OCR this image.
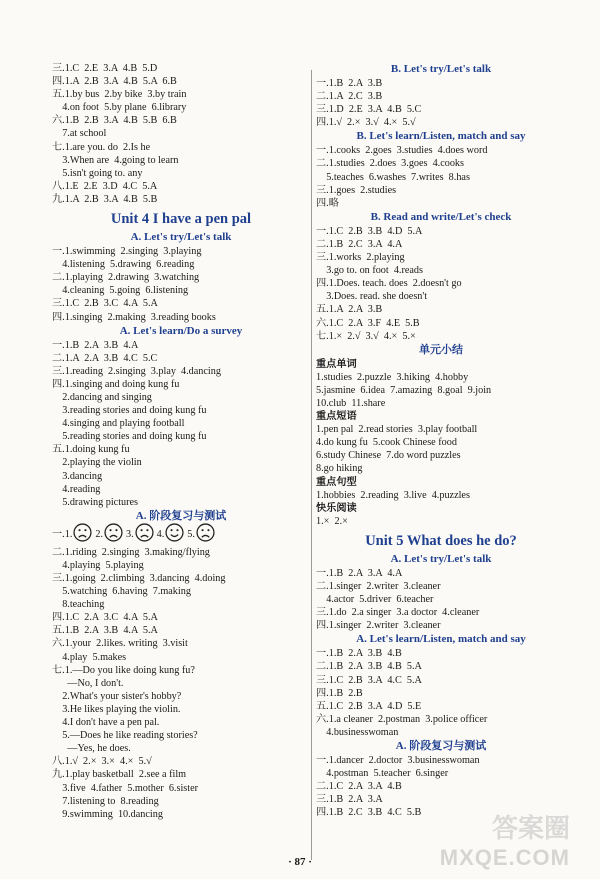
三.1.C  2.E  3.A  4.B  5.D
四.1.A  2.B  3.A  4.B  5.A  6.B
五.1.by bus  2.by bike  3.by train
4.on foot  5.by plane  6.library
六.1.B  2.B  3.A  4.B  5.B  6.B
7.at school
七.1.are you. do  2.Is he
3.When are  4.going to learn
5.isn't going to. any
八.1.E  2.E  3.D  4.C  5.A
九.1.A  2.B  3.A  4.B  5.B
Unit 4 I have a pen pal
A. Let's try/Let's talk
一.1.swimming  2.singing  3.playing
4.listening  5.drawing  6.reading
二.1.playing  2.drawing  3.watching
4.cleaning  5.going  6.listening
三.1.C  2.B  3.C  4.A  5.A
四.1.singing  2.making  3.reading books
A. Let's learn/Do a survey
一.1.B  2.A  3.B  4.A
二.1.A  2.A  3.B  4.C  5.C
三.1.reading  2.singing  3.play  4.dancing
四.1.singing and doing kung fu
2.dancing and singing
3.reading stories and doing kung fu
4.singing and playing football
5.reading stories and doing kung fu
五.1.doing kung fu
2.playing the violin
3.dancing
4.reading
5.drawing pictures
A. 阶段复习与测试
一.1. 2. 3. 4. 5.
二.1.riding  2.singing  3.making/flying
4.playing  5.playing
三.1.going  2.climbing  3.dancing  4.doing
5.watching  6.having  7.making
8.teaching
四.1.C  2.A  3.C  4.A  5.A
五.1.B  2.A  3.B  4.A  5.A
六.1.your  2.likes. writing  3.visit
4.play  5.makes
七.1.—Do you like doing kung fu?
—No, I don't.
2.What's your sister's hobby?
3.He likes playing the violin.
4.I don't have a pen pal.
5.—Does he like reading stories?
—Yes, he does.
八.1.√  2.×  3.×  4.×  5.√
九.1.play basketball  2.see a film
3.five  4.father  5.mother  6.sister
7.listening to  8.reading
9.swimming  10.dancing
B. Let's try/Let's talk
一.1.B  2.A  3.B
二.1.A  2.C  3.B
三.1.D  2.E  3.A  4.B  5.C
四.1.√  2.×  3.√  4.×  5.√
B. Let's learn/Listen, match and say
一.1.cooks  2.goes  3.studies  4.does word
二.1.studies  2.does  3.goes  4.cooks
5.teaches  6.washes  7.writes  8.has
三.1.goes  2.studies
四.略
B. Read and write/Let's check
一.1.C  2.B  3.B  4.D  5.A
二.1.B  2.C  3.A  4.A
三.1.works  2.playing
3.go to. on foot  4.reads
四.1.Does. teach. does  2.doesn't go
3.Does. read. she doesn't
五.1.A  2.A  3.B
六.1.C  2.A  3.F  4.E  5.B
七.1.×  2.√  3.√  4.×  5.×
单元小结
重点单词
1.studies  2.puzzle  3.hiking  4.hobby
5.jasmine  6.idea  7.amazing  8.goal  9.join
10.club  11.share
重点短语
1.pen pal  2.read stories  3.play football
4.do kung fu  5.cook Chinese food
6.study Chinese  7.do word puzzles
8.go hiking
重点句型
1.hobbies  2.reading  3.live  4.puzzles
快乐阅读
1.×  2.×
Unit 5 What does he do?
A. Let's try/Let's talk
一.1.B  2.A  3.A  4.A
二.1.singer  2.writer  3.cleaner
4.actor  5.driver  6.teacher
三.1.do  2.a singer  3.a doctor  4.cleaner
四.1.singer  2.writer  3.cleaner
A. Let's learn/Listen, match and say
一.1.B  2.A  3.B  4.B
二.1.B  2.A  3.B  4.B  5.A
三.1.C  2.B  3.A  4.C  5.A
四.1.B  2.B
五.1.C  2.B  3.A  4.D  5.E
六.1.a cleaner  2.postman  3.police officer
4.businesswoman
A. 阶段复习与测试
一.1.dancer  2.doctor  3.businesswoman
4.postman  5.teacher  6.singer
二.1.C  2.A  3.A  4.B
三.1.B  2.A  3.A
四.1.B  2.C  3.B  4.C  5.B
· 87 ·
答案圈
MXQE.COM
